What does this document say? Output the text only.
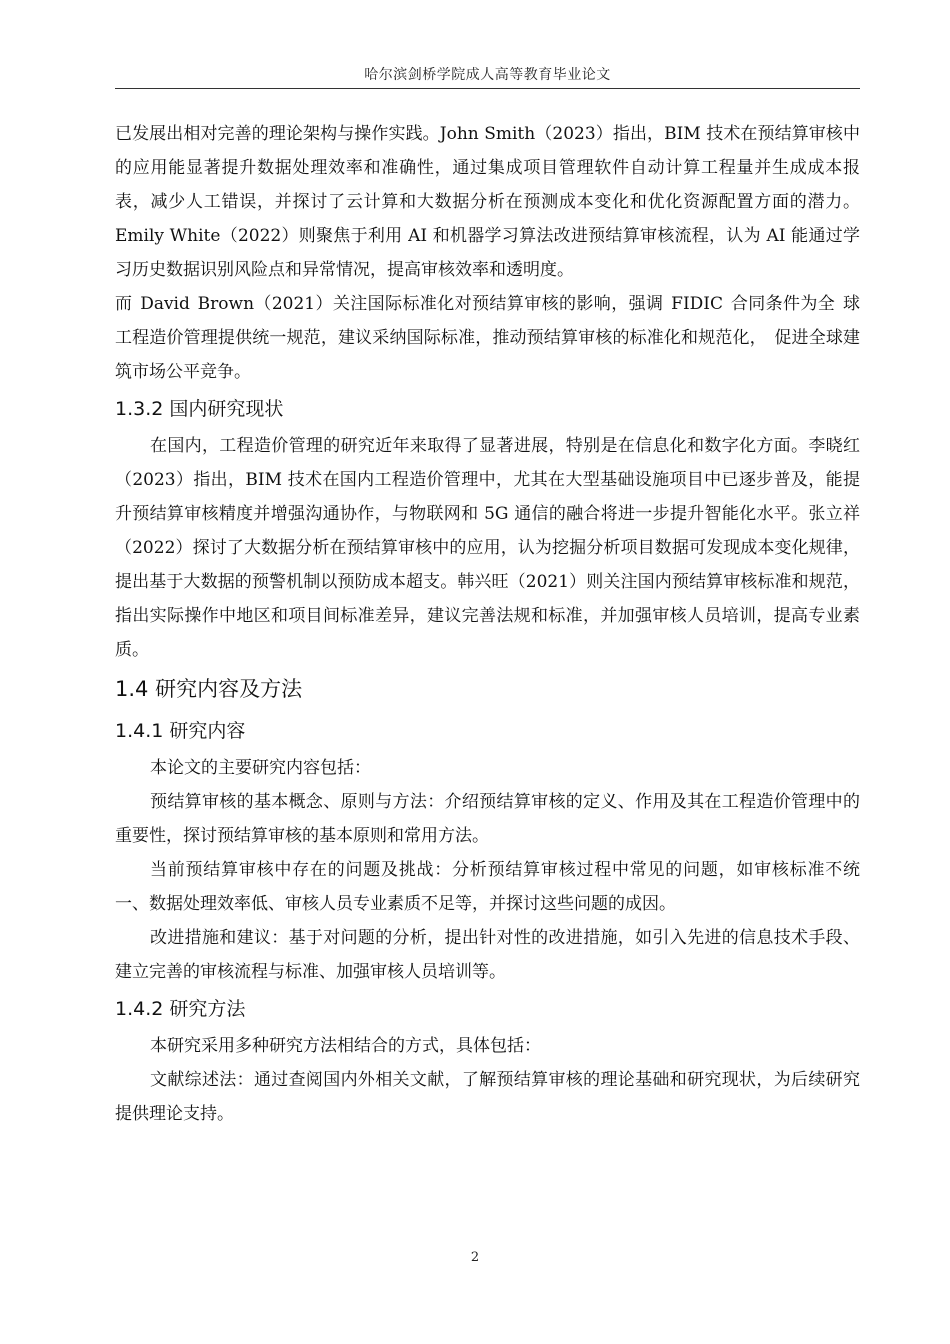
哈尔滨剑桥学院成人高等教育毕业论文

已发展出相对完善的理论架构与操作实践。John Smith（2023）指出，BIM 技术在预结算审核中的应用能显著提升数据处理效率和准确性，通过集成项目管理软件自动计算工程量并生成成本报表，减少人工错误，并探讨了云计算和大数据分析在预测成本变化和优化资源配置方面的潜力。Emily White（2022）则聚焦于利用 AI 和机器学习算法改进预结算审核流程，认为 AI 能通过学习历史数据识别风险点和异常情况，提高审核效率和透明度。

而 David Brown（2021）关注国际标准化对预结算审核的影响，强调 FIDIC 合同条件为全 球工程造价管理提供统一规范，建议采纳国际标准，推动预结算审核的标准化和规范化， 促进全球建筑市场公平竞争。

1.3.2 国内研究现状

在国内，工程造价管理的研究近年来取得了显著进展，特别是在信息化和数字化方面。李晓红（2023）指出，BIM 技术在国内工程造价管理中，尤其在大型基础设施项目中已逐步普及，能提升预结算审核精度并增强沟通协作，与物联网和 5G 通信的融合将进一步提升智能化水平。张立祥（2022）探讨了大数据分析在预结算审核中的应用，认为挖掘分析项目数据可发现成本变化规律，提出基于大数据的预警机制以预防成本超支。韩兴旺（2021）则关注国内预结算审核标准和规范，指出实际操作中地区和项目间标准差异，建议完善法规和标准，并加强审核人员培训，提高专业素质。

1.4 研究内容及方法
1.4.1 研究内容

本论文的主要研究内容包括：

预结算审核的基本概念、原则与方法：介绍预结算审核的定义、作用及其在工程造价管理中的重要性，探讨预结算审核的基本原则和常用方法。

当前预结算审核中存在的问题及挑战：分析预结算审核过程中常见的问题，如审核标准不统一、数据处理效率低、审核人员专业素质不足等，并探讨这些问题的成因。

改进措施和建议：基于对问题的分析，提出针对性的改进措施，如引入先进的信息技术手段、建立完善的审核流程与标准、加强审核人员培训等。

1.4.2 研究方法

本研究采用多种研究方法相结合的方式，具体包括：

文献综述法：通过查阅国内外相关文献，了解预结算审核的理论基础和研究现状，为后续研究提供理论支持。

2
